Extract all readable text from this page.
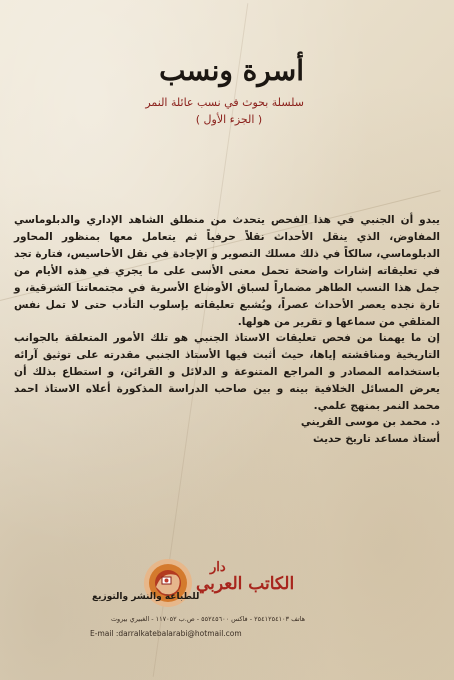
أسرة ونسب
سلسلة بحوث في نسب عائلة النمر
( الجزء الأول )

يبدو أن الجنبي في هذا الفحص يتحدث من منطلق الشاهد الإداري والدبلوماسي المفاوض، الذي ينقل الأحداث نقلاً حرفياً ثم يتعامل معها بمنظور المحاور الدبلوماسي، سالكاً في ذلك مسلك التصوير و الإجادة في نقل الأحاسيس، فتارة تجد في تعليقاته إشارات واضحة تحمل معنى الأسى على ما يجري في هذه الأيام من جمل هذا النسب الطاهر مضماراً لسباق الأوضاع الأسرية في مجتمعاتنا الشرقية، و تارة نجده يعصر الأحداث عصراً، ويُشبع تعليقاته بإسلوب التأدب حتى لا تمل نفس المتلقي من سماعها و تقرير من هولها.

إن ما يهمنا من فحص تعليقات الاستاذ الجنبي هو تلك الأمور المتعلقة بالجوانب التاريخية ومناقشته إياها، حيث أثبت فيها الأستاذ الجنبي مقدرته على توثيق آرائه باستخدامه المصادر و المراجع المتنوعة و الدلائل و القرائن، و استطاع بذلك أن يعرض المسائل الخلافية بينه و بين صاحب الدراسة المذكورة أعلاه الاستاذ احمد محمد النمر بمنهج علمي.

د. محمد بن موسى القريني
أستاذ مساعد تاريخ حديث
دار
الكاتب العربي
للطباعة والنشر والتوزيع
هاتف ٢٥٤١٢٥٤١٠٣ - فاكس ٥٥٢٤٥٦٠٠ - ص.ب ١١٧٠٥٢ - الغبيري بيروت
E-mail :darralkatebalarabi@hotmail.com
